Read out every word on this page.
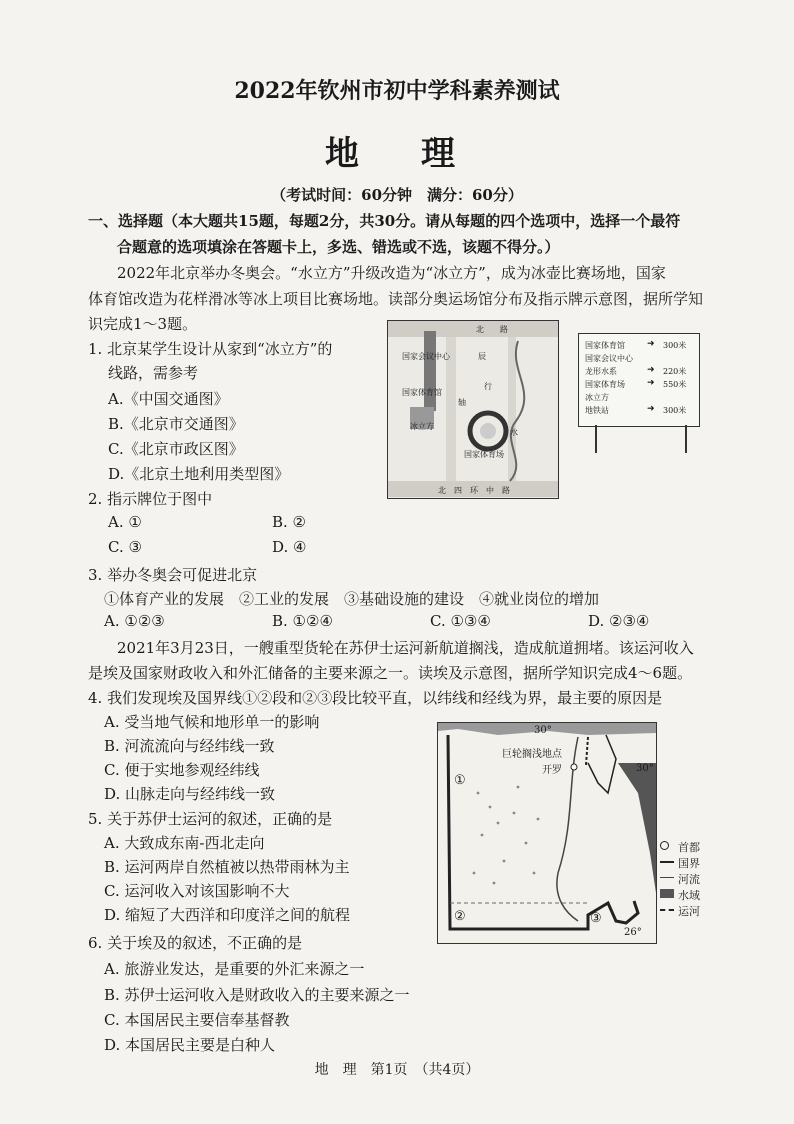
2022年钦州市初中学科素养测试
地　理
（考试时间：60分钟　满分：60分）
一、选择题（本大题共15题，每题2分，共30分。请从每题的四个选项中，选择一个最符
合题意的选项填涂在答题卡上，多选、错选或不选，该题不得分。）
2022年北京举办冬奥会。“水立方”升级改造为“冰立方”，成为冰壶比赛场地，国家
体育馆改造为花样滑冰等冰上项目比赛场地。读部分奥运场馆分布及指示牌示意图，据所学知
识完成1～3题。
1. 北京某学生设计从家到“冰立方”的
线路，需参考
A.《中国交通图》
B.《北京市交通图》
C.《北京市政区图》
D.《北京土地利用类型图》
北　　路
北　四　环　中　路
国家会议中心
国家体育馆
冰立方
国家体育场
辰
行
轴
水
国家体育馆 ➜ 300米
国家会议中心
龙形水系	➜ 220米
国家体育场 ➜ 550米
冰立方
地铁站	➜ 300米
2. 指示牌位于图中
A. ①	B. ②
C. ③	D. ④
3. 举办冬奥会可促进北京
①体育产业的发展　②工业的发展　③基础设施的建设　④就业岗位的增加
A. ①②③	B. ①②④	C. ①③④	D. ②③④
2021年3月23日，一艘重型货轮在苏伊士运河新航道搁浅，造成航道拥堵。该运河收入
是埃及国家财政收入和外汇储备的主要来源之一。读埃及示意图，据所学知识完成4～6题。
4. 我们发现埃及国界线①②段和②③段比较平直，以纬线和经线为界，最主要的原因是
A. 受当地气候和地形单一的影响
B. 河流流向与经纬线一致
C. 便于实地参观经纬线
D. 山脉走向与经纬线一致
5. 关于苏伊士运河的叙述，正确的是
A. 大致成东南-西北走向
B. 运河两岸自然植被以热带雨林为主
C. 运河收入对该国影响不大
D. 缩短了大西洋和印度洋之间的航程
6. 关于埃及的叙述，不正确的是
A. 旅游业发达，是重要的外汇来源之一
B. 苏伊士运河收入是财政收入的主要来源之一
C. 本国居民主要信奉基督教
D. 本国居民主要是白种人
30°
30°
26°
巨轮搁浅地点
开罗
①
②	③
首都
国界
河流
水域
运河
地　理　第1页　（共4页）
